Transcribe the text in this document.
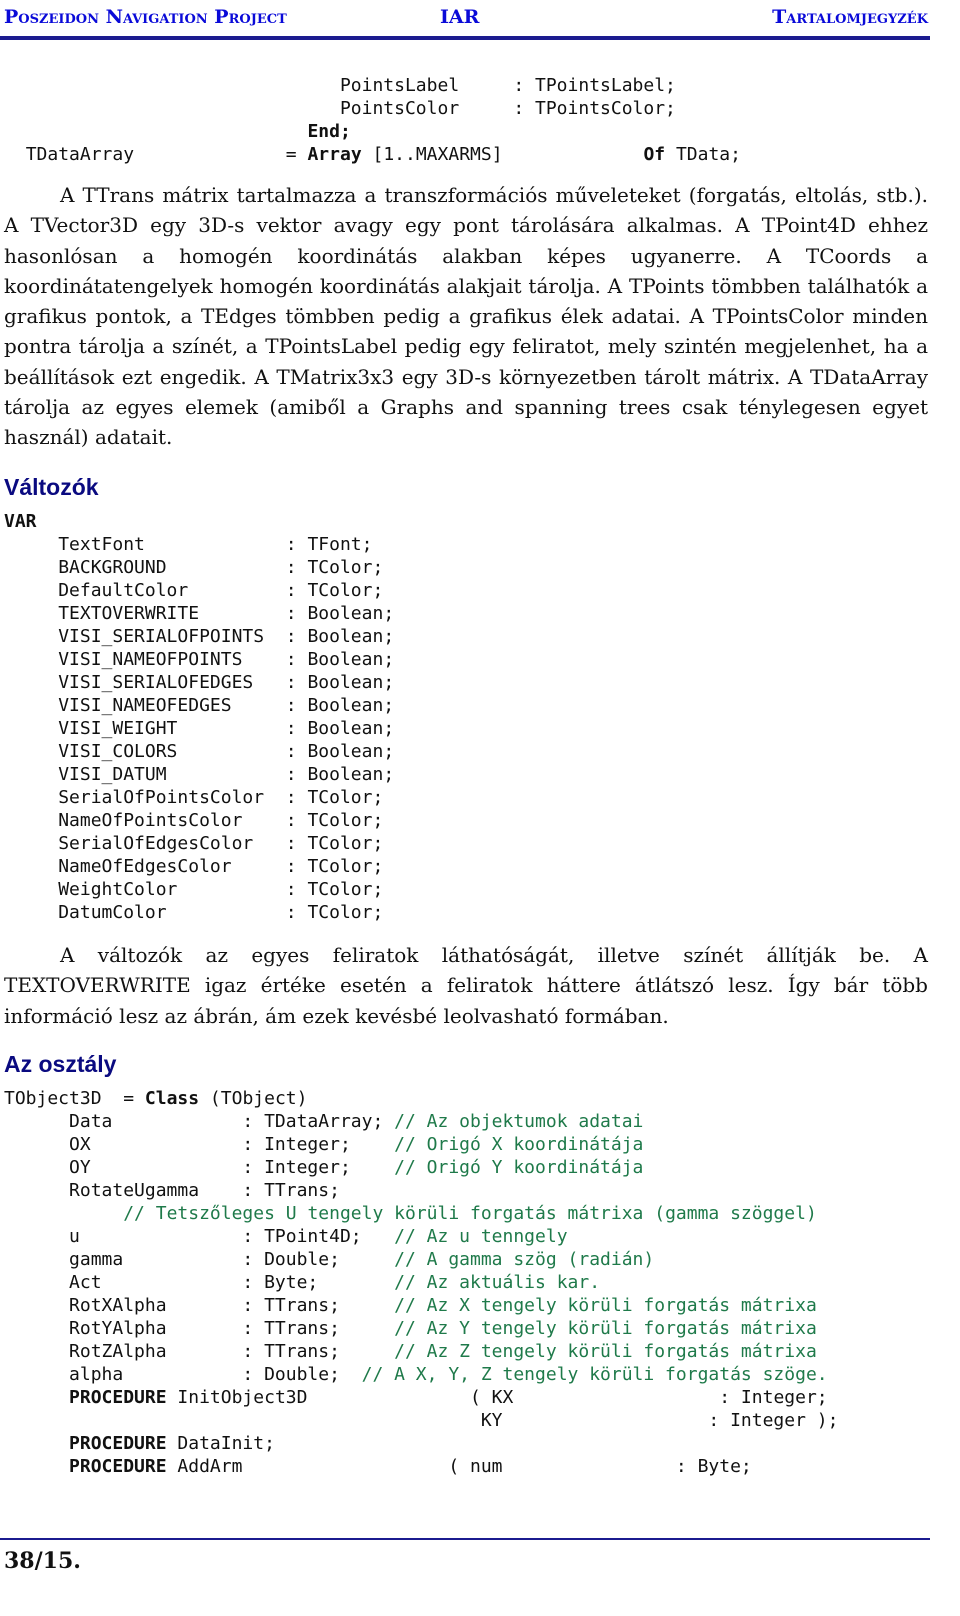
Poszeidon Navigation Project	IAR	Tartalomjegyzék
PointsLabel     : TPointsLabel;
PointsColor     : TPointsColor;
End;
TDataArray	= Array [1..MAXARMS]	Of TData;

A TTrans mátrix tartalmazza a transzformációs műveleteket (forgatás, eltolás, stb.). A TVector3D egy 3D-s vektor avagy egy pont tárolására alkalmas. A TPoint4D ehhez hasonlósan a homogén koordinátás alakban képes ugyanerre. A TCoords a koordinátatengelyek homogén koordinátás alakjait tárolja. A TPoints tömbben találhatók a grafikus pontok, a TEdges tömbben pedig a grafikus élek adatai. A TPointsColor minden pontra tárolja a színét, a TPointsLabel pedig egy feliratot, mely szintén megjelenhet, ha a beállítások ezt engedik. A TMatrix3x3 egy 3D-s környezetben tárolt mátrix. A TDataArray tárolja az egyes elemek (amiből a Graphs and spanning trees csak ténylegesen egyet használ) adatait.

Változók
VAR
TextFont	: TFont;
BACKGROUND	: TColor;
DefaultColor	: TColor;
TEXTOVERWRITE	: Boolean;
VISI_SERIALOFPOINTS : Boolean;
VISI_NAMEOFPOINTS : Boolean;
VISI_SERIALOFEDGES : Boolean;
VISI_NAMEOFEDGES	: Boolean;
VISI_WEIGHT	: Boolean;
VISI_COLORS	: Boolean;
VISI_DATUM	: Boolean;
SerialOfPointsColor : TColor;
NameOfPointsColor : TColor;
SerialOfEdgesColor : TColor;
NameOfEdgesColor	: TColor;
WeightColor	: TColor;
DatumColor	: TColor;

A változók az egyes feliratok láthatóságát, illetve színét állítják be. A TEXTOVERWRITE igaz értéke esetén a feliratok háttere átlátszó lesz. Így bár több információ lesz az ábrán, ám ezek kevésbé leolvasható formában.

Az osztály
TObject3D  = Class (TObject)
Data            : TDataArray; // Az objektumok adatai
OX              : Integer;    // Origó X koordinátája
OY              : Integer;    // Origó Y koordinátája
RotateUgamma    : TTrans;
// Tetszőleges U tengely körüli forgatás mátrixa (gamma szöggel)
u               : TPoint4D;   // Az u tenngely
gamma           : Double;     // A gamma szög (radián)
Act             : Byte;       // Az aktuális kar.
RotXAlpha       : TTrans;     // Az X tengely körüli forgatás mátrixa
RotYAlpha       : TTrans;     // Az Y tengely körüli forgatás mátrixa
RotZAlpha       : TTrans;     // Az Z tengely körüli forgatás mátrixa
alpha           : Double;  // A X, Y, Z tengely körüli forgatás szöge.
PROCEDURE InitObject3D               ( KX                   : Integer;
KY                   : Integer );
PROCEDURE DataInit;
PROCEDURE AddArm                   ( num                : Byte;
38/15.
